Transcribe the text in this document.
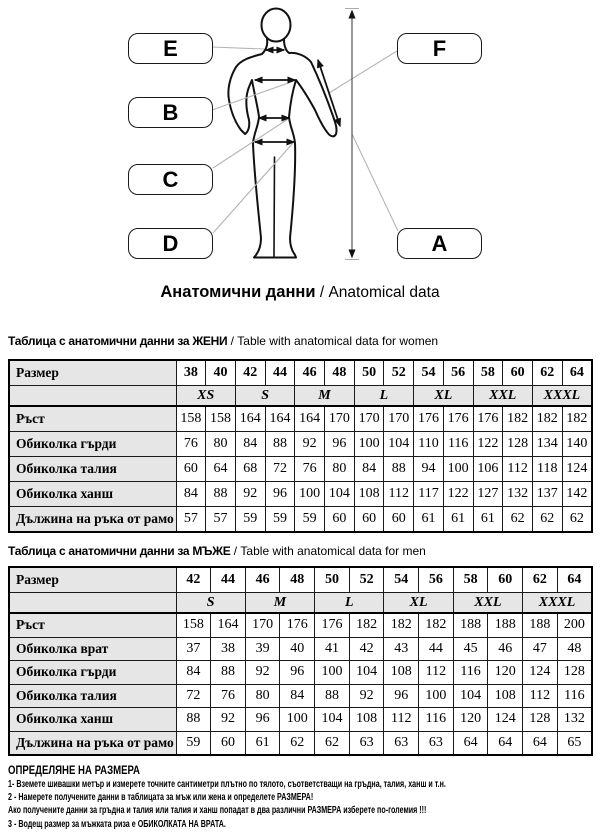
E
B
C
D
F
A
Анатомични данни / Anatomical data
Таблица с анатомични данни за ЖЕНИ / Table with anatomical data for women
Размер	38	40	42	44	46	48	50	52	54	56	58	60	62	64
	XS		S		M		L		XL		XXL		XXXL	
Ръст	158	158	164	164	164	170	170	170	176	176	176	182	182	182
Обиколка гърди	76	80	84	88	92	96	100	104	110	116	122	128	134	140
Обиколка талия	60	64	68	72	76	80	84	88	94	100	106	112	118	124
Обиколка ханш	84	88	92	96	100	104	108	112	117	122	127	132	137	142
Дължина на ръка от рамо	57	57	59	59	59	60	60	60	61	61	61	62	62	62
Таблица с анатомични данни за МЪЖЕ / Table with anatomical data for men
Размер	42	44	46	48	50	52	54	56	58	60	62	64
	S		M		L		XL		XXL		XXXL	
Ръст	158	164	170	176	176	182	182	182	188	188	188	200
Обиколка врат	37	38	39	40	41	42	43	44	45	46	47	48
Обиколка гърди	84	88	92	96	100	104	108	112	116	120	124	128
Обиколка талия	72	76	80	84	88	92	96	100	104	108	112	116
Обиколка ханш	88	92	96	100	104	108	112	116	120	124	128	132
Дължина на ръка от рамо	59	60	61	62	62	63	63	63	64	64	64	65
ОПРЕДЕЛЯНЕ НА РАЗМЕРА
1- Вземете шивашки метър и измерете точните сантиметри плътно по тялото, съответстващи на гръдна, талия, ханш и т.н.
2 - Намерете получените данни в таблицата за мъж или жена и определете РАЗМЕРА!
Ако получените данни за гръдна и талия или талия и ханш попадат в два различни РАЗМЕРА изберете по-големия !!!
3 - Водещ размер за мъжката риза е ОБИКОЛКАТА НА ВРАТА.
